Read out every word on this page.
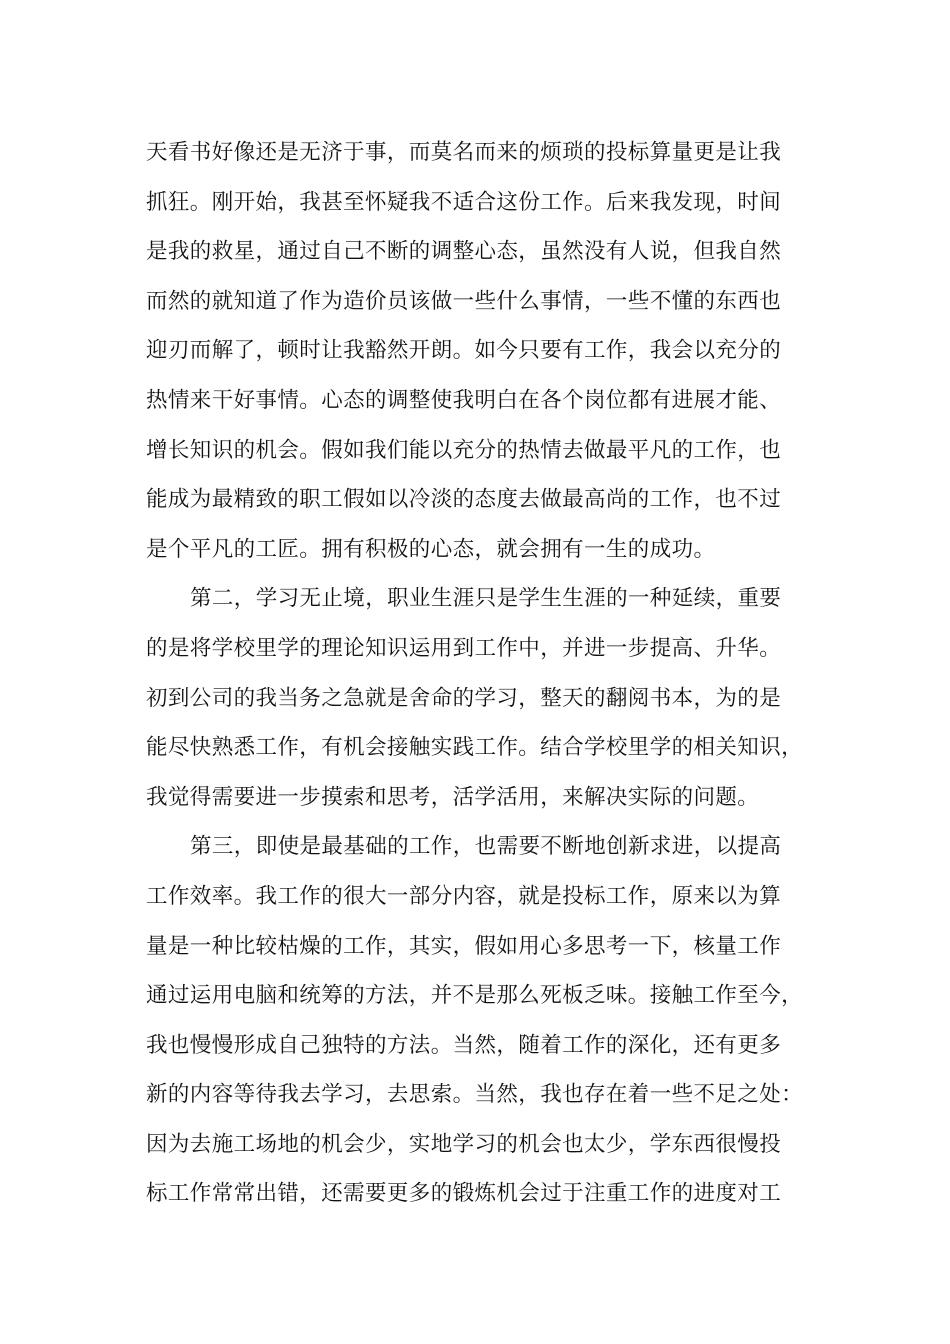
天看书好像还是无济于事，而莫名而来的烦琐的投标算量更是让我
抓狂。刚开始，我甚至怀疑我不适合这份工作。后来我发现，时间
是我的救星，通过自己不断的调整心态，虽然没有人说，但我自然
而然的就知道了作为造价员该做一些什么事情，一些不懂的东西也
迎刃而解了，顿时让我豁然开朗。如今只要有工作，我会以充分的
热情来干好事情。心态的调整使我明白在各个岗位都有进展才能、
增长知识的机会。假如我们能以充分的热情去做最平凡的工作，也
能成为最精致的职工假如以冷淡的态度去做最高尚的工作，也不过
是个平凡的工匠。拥有积极的心态，就会拥有一生的成功。
第二，学习无止境，职业生涯只是学生生涯的一种延续，重要
的是将学校里学的理论知识运用到工作中，并进一步提高、升华。
初到公司的我当务之急就是舍命的学习，整天的翻阅书本，为的是
能尽快熟悉工作，有机会接触实践工作。结合学校里学的相关知识，
我觉得需要进一步摸索和思考，活学活用，来解决实际的问题。
第三，即使是最基础的工作，也需要不断地创新求进，以提高
工作效率。我工作的很大一部分内容，就是投标工作，原来以为算
量是一种比较枯燥的工作，其实，假如用心多思考一下，核量工作
通过运用电脑和统筹的方法，并不是那么死板乏味。接触工作至今，
我也慢慢形成自己独特的方法。当然，随着工作的深化，还有更多
新的内容等待我去学习，去思索。当然，我也存在着一些不足之处：
因为去施工场地的机会少，实地学习的机会也太少，学东西很慢投
标工作常常出错，还需要更多的锻炼机会过于注重工作的进度对工
